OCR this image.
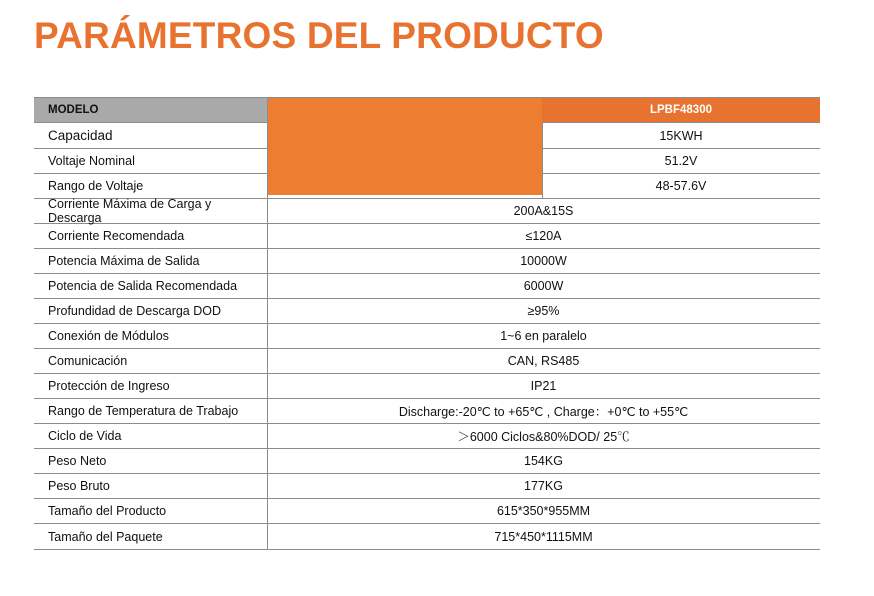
PARÁMETROS DEL PRODUCTO
MODELO	LPBF48300
Capacidad	15KWH
Voltaje Nominal	51.2V
Rango de Voltaje	48-57.6V
Corriente Máxima de Carga y Descarga	200A&15S
Corriente Recomendada	≤120A
Potencia Máxima de Salida	10000W
Potencia de Salida Recomendada	6000W
Profundidad de Descarga DOD	≥95%
Conexión de Módulos	1~6 en paralelo
Comunicación	CAN, RS485
Protección de Ingreso	IP21
Rango de Temperatura de Trabajo	Discharge:-20℃ to +65℃ , Charge：+0℃ to +55℃
Ciclo de Vida	＞6000 Ciclos&80%DOD/ 25℃
Peso Neto	154KG
Peso Bruto	177KG
Tamaño del Producto	615*350*955MM
Tamaño del Paquete	715*450*1115MM
